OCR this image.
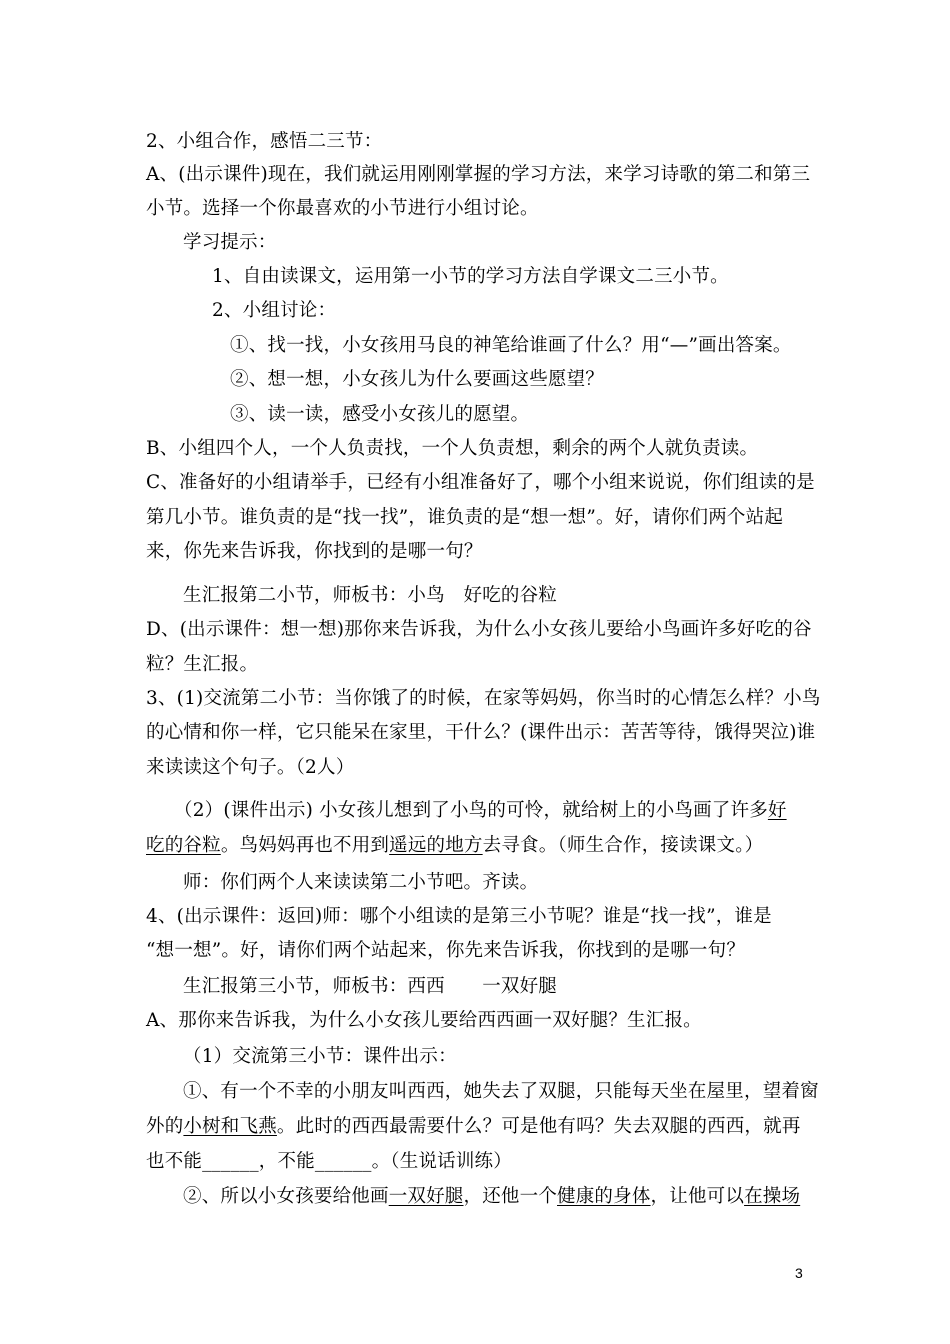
2、小组合作，感悟二三节：
A、(出示课件)现在，我们就运用刚刚掌握的学习方法，来学习诗歌的第二和第三
小节。选择一个你最喜欢的小节进行小组讨论。
学习提示：
1、自由读课文，运用第一小节的学习方法自学课文二三小节。
2、小组讨论：
①、找一找，小女孩用马良的神笔给谁画了什么？用“—”画出答案。
②、想一想，小女孩儿为什么要画这些愿望？
③、读一读，感受小女孩儿的愿望。
B、小组四个人，一个人负责找，一个人负责想，剩余的两个人就负责读。
C、准备好的小组请举手，已经有小组准备好了，哪个小组来说说，你们组读的是
第几小节。谁负责的是“找一找”，谁负责的是“想一想”。好，请你们两个站起
来，你先来告诉我，你找到的是哪一句？
生汇报第二小节，师板书：小鸟　好吃的谷粒
D、(出示课件：想一想)那你来告诉我，为什么小女孩儿要给小鸟画许多好吃的谷
粒？生汇报。
3、(1)交流第二小节：当你饿了的时候，在家等妈妈，你当时的心情怎么样？小鸟
的心情和你一样，它只能呆在家里，干什么？(课件出示：苦苦等待，饿得哭泣)谁
来读读这个句子。（2人）
（2）(课件出示) 小女孩儿想到了小鸟的可怜，就给树上的小鸟画了许多好
吃的谷粒。鸟妈妈再也不用到遥远的地方去寻食。（师生合作，接读课文。）
师：你们两个人来读读第二小节吧。齐读。
4、(出示课件：返回)师：哪个小组读的是第三小节呢？谁是“找一找”，谁是
“想一想”。好，请你们两个站起来，你先来告诉我，你找到的是哪一句？
生汇报第三小节，师板书：西西　　一双好腿
A、那你来告诉我，为什么小女孩儿要给西西画一双好腿？生汇报。
（1）交流第三小节：课件出示：
①、有一个不幸的小朋友叫西西，她失去了双腿，只能每天坐在屋里，望着窗
外的小树和飞燕。此时的西西最需要什么？可是他有吗？失去双腿的西西，就再
也不能______，不能______。（生说话训练）
②、所以小女孩要给他画一双好腿，还他一个健康的身体，让他可以在操场
3
